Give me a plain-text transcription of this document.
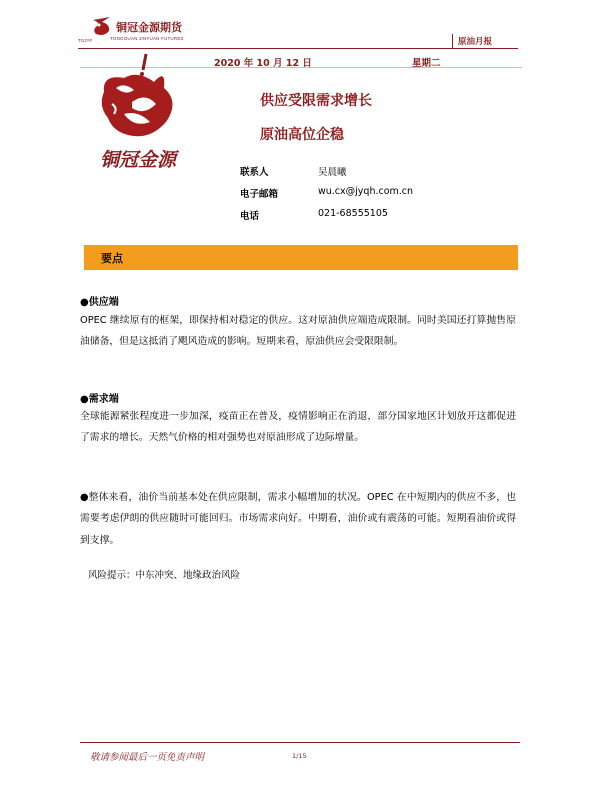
TGJYF
铜冠金源期货
TONGGUAN JINYUAN FUTURES	原油月报
2020 年 10 月 12 日	星期二
铜冠金源
供应受限需求增长
原油高位企稳
联系人	吴晨曦
电子邮箱	wu.cx@jyqh.com.cn
电话	021-68555105
要点
●供应端
OPEC 继续原有的框架，即保持相对稳定的供应。这对原油供应端造成限制。同时美国还打算抛售原油储备，但是这抵消了飓风造成的影响。短期来看，原油供应会受限限制。
●需求端
全球能源紧张程度进一步加深，疫苗正在普及，疫情影响正在消退，部分国家地区计划放开这都促进了需求的增长。天然气价格的相对强势也对原油形成了边际增量。
●整体来看，油价当前基本处在供应限制，需求小幅增加的状况。OPEC 在中短期内的供应不多，也需要考虑伊朗的供应随时可能回归。市场需求向好。中期看，油价或有震荡的可能。短期看油价或得到支撑。
风险提示：中东冲突、地缘政治风险
敬请参阅最后一页免责声明	1/15
